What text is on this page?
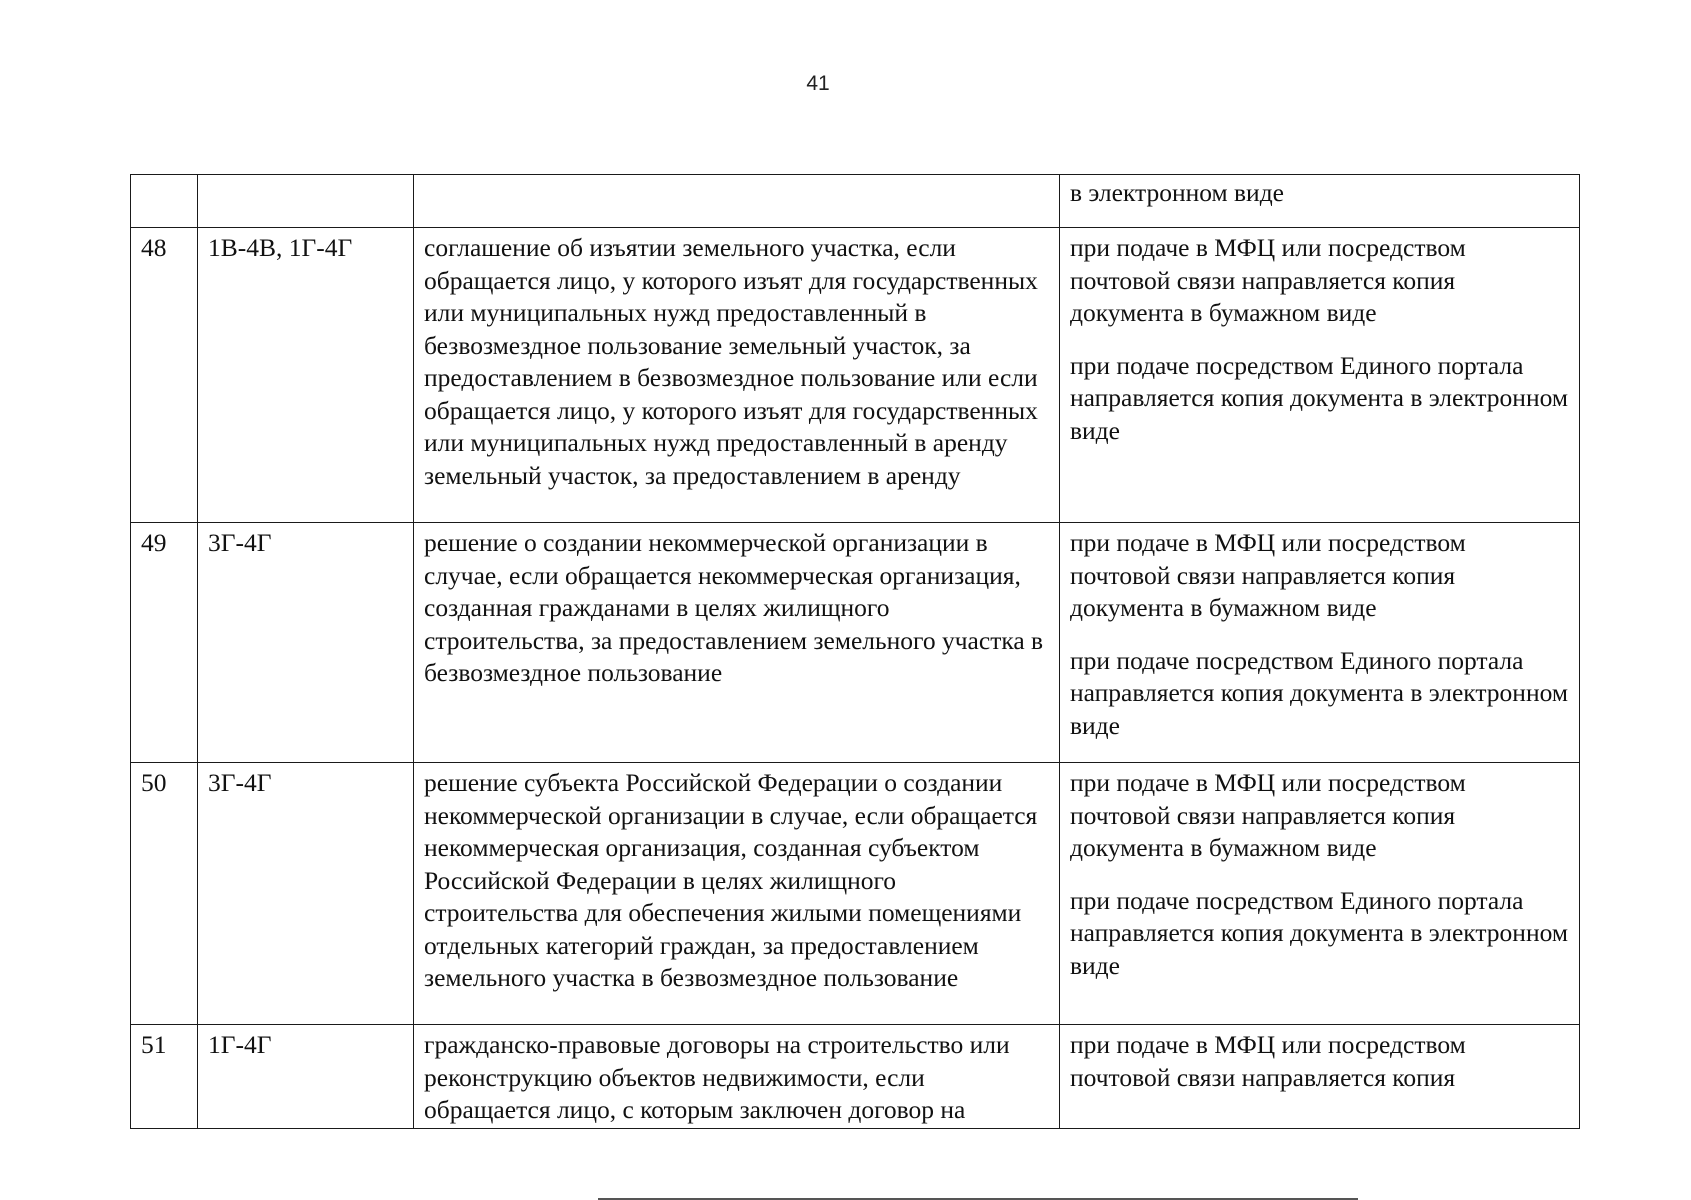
41

			в электронном виде

48	1В-4В, 1Г-4Г	соглашение об изъятии земельного участка, если обращается лицо, у которого изъят для государственных или муниципальных нужд предоставленный в безвозмездное пользование земельный участок, за предоставлением в безвозмездное пользование или если обращается лицо, у которого изъят для государственных или муниципальных нужд предоставленный в аренду земельный участок, за предоставлением в аренду	при подаче в МФЦ или посредством почтовой связи направляется копия документа в бумажном виде

при подаче посредством Единого портала направляется копия документа в электронном виде

49	3Г-4Г	решение о создании некоммерческой организации в случае, если обращается некоммерческая организация, созданная гражданами в целях жилищного строительства, за предоставлением земельного участка в безвозмездное пользование	при подаче в МФЦ или посредством почтовой связи направляется копия документа в бумажном виде

при подаче посредством Единого портала направляется копия документа в электронном виде

50	3Г-4Г	решение субъекта Российской Федерации о создании некоммерческой организации в случае, если обращается некоммерческая организация, созданная субъектом Российской Федерации в целях жилищного строительства для обеспечения жилыми помещениями отдельных категорий граждан, за предоставлением земельного участка в безвозмездное пользование	при подаче в МФЦ или посредством почтовой связи направляется копия документа в бумажном виде

при подаче посредством Единого портала направляется копия документа в электронном виде

51	1Г-4Г	гражданско-правовые договоры на строительство или реконструкцию объектов недвижимости, если обращается лицо, с которым заключен договор на	при подаче в МФЦ или посредством почтовой связи направляется копия
